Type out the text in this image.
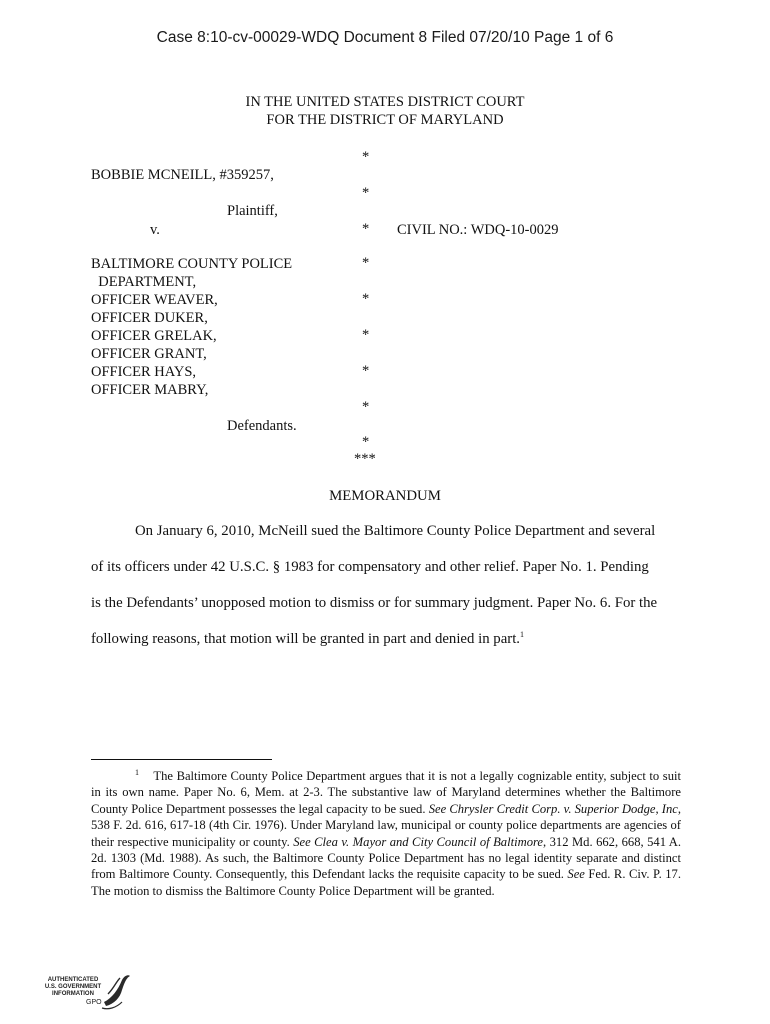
Case 8:10-cv-00029-WDQ Document 8 Filed 07/20/10 Page 1 of 6
IN THE UNITED STATES DISTRICT COURT
FOR THE DISTRICT OF MARYLAND
BOBBIE MCNEILL, #359257,
Plaintiff,
v.
BALTIMORE COUNTY POLICE
DEPARTMENT,
OFFICER WEAVER,
OFFICER DUKER,
OFFICER GRELAK,
OFFICER GRANT,
OFFICER HAYS,
OFFICER MABRY,
Defendants.
*
*
*
*
*
*
*
*
*
***
CIVIL NO.: WDQ-10-0029
MEMORANDUM
On January 6, 2010, McNeill sued the Baltimore County Police Department and several
of its officers under 42 U.S.C. § 1983 for compensatory and other relief. Paper No. 1. Pending
is the Defendants’ unopposed motion to dismiss or for summary judgment. Paper No. 6. For the
following reasons, that motion will be granted in part and denied in part.$^1$
$^1$ The Baltimore County Police Department argues that it is not a legally cognizable entity, subject to suit in its own name. Paper No. 6, Mem. at 2-3. The substantive law of Maryland determines whether the Baltimore County Police Department possesses the legal capacity to be sued. See Chrysler Credit Corp. v. Superior Dodge, Inc, 538 F. 2d. 616, 617-18 (4th Cir. 1976). Under Maryland law, municipal or county police departments are agencies of their respective municipality or county. See Clea v. Mayor and City Council of Baltimore, 312 Md. 662, 668, 541 A. 2d. 1303 (Md. 1988). As such, the Baltimore County Police Department has no legal identity separate and distinct from Baltimore County. Consequently, this Defendant lacks the requisite capacity to be sued. See Fed. R. Civ. P. 17. The motion to dismiss the Baltimore County Police Department will be granted.
AUTHENTICATED
U.S. GOVERNMENT
INFORMATION
GPO
